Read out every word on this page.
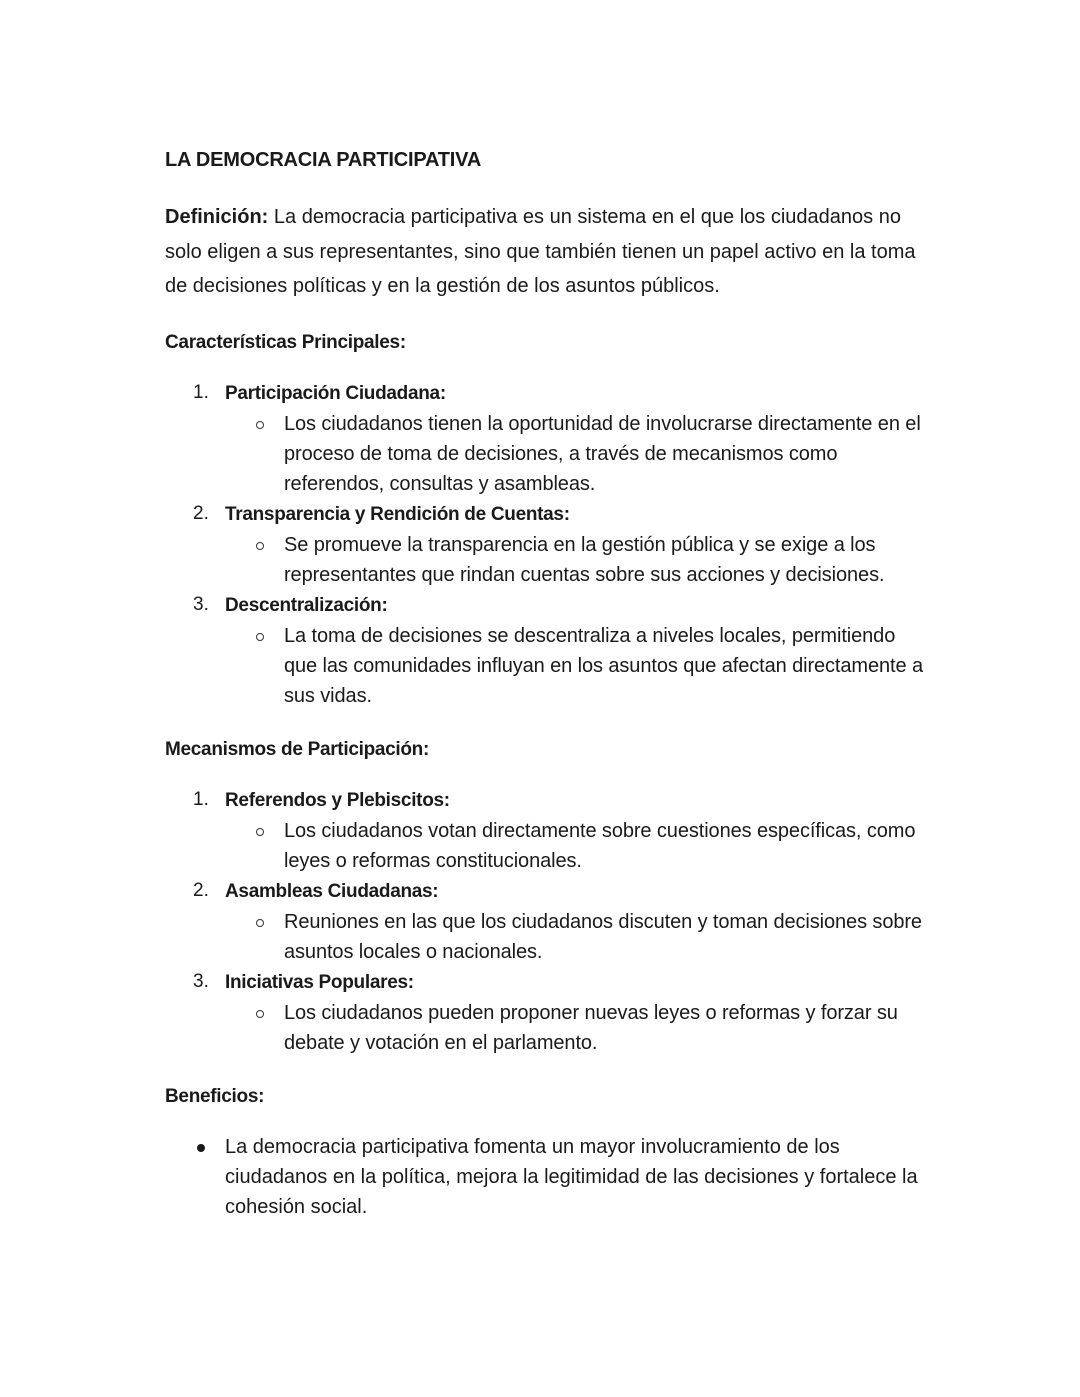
LA DEMOCRACIA PARTICIPATIVA

Definición: La democracia participativa es un sistema en el que los ciudadanos no solo eligen a sus representantes, sino que también tienen un papel activo en la toma de decisiones políticas y en la gestión de los asuntos públicos.

Características Principales:
1. Participación Ciudadana:
Los ciudadanos tienen la oportunidad de involucrarse directamente en el proceso de toma de decisiones, a través de mecanismos como referendos, consultas y asambleas.
2. Transparencia y Rendición de Cuentas:
Se promueve la transparencia en la gestión pública y se exige a los representantes que rindan cuentas sobre sus acciones y decisiones.
3. Descentralización:
La toma de decisiones se descentraliza a niveles locales, permitiendo que las comunidades influyan en los asuntos que afectan directamente a sus vidas.
Mecanismos de Participación:
1. Referendos y Plebiscitos:
Los ciudadanos votan directamente sobre cuestiones específicas, como leyes o reformas constitucionales.
2. Asambleas Ciudadanas:
Reuniones en las que los ciudadanos discuten y toman decisiones sobre asuntos locales o nacionales.
3. Iniciativas Populares:
Los ciudadanos pueden proponer nuevas leyes o reformas y forzar su debate y votación en el parlamento.
Beneficios:
La democracia participativa fomenta un mayor involucramiento de los ciudadanos en la política, mejora la legitimidad de las decisiones y fortalece la cohesión social.
